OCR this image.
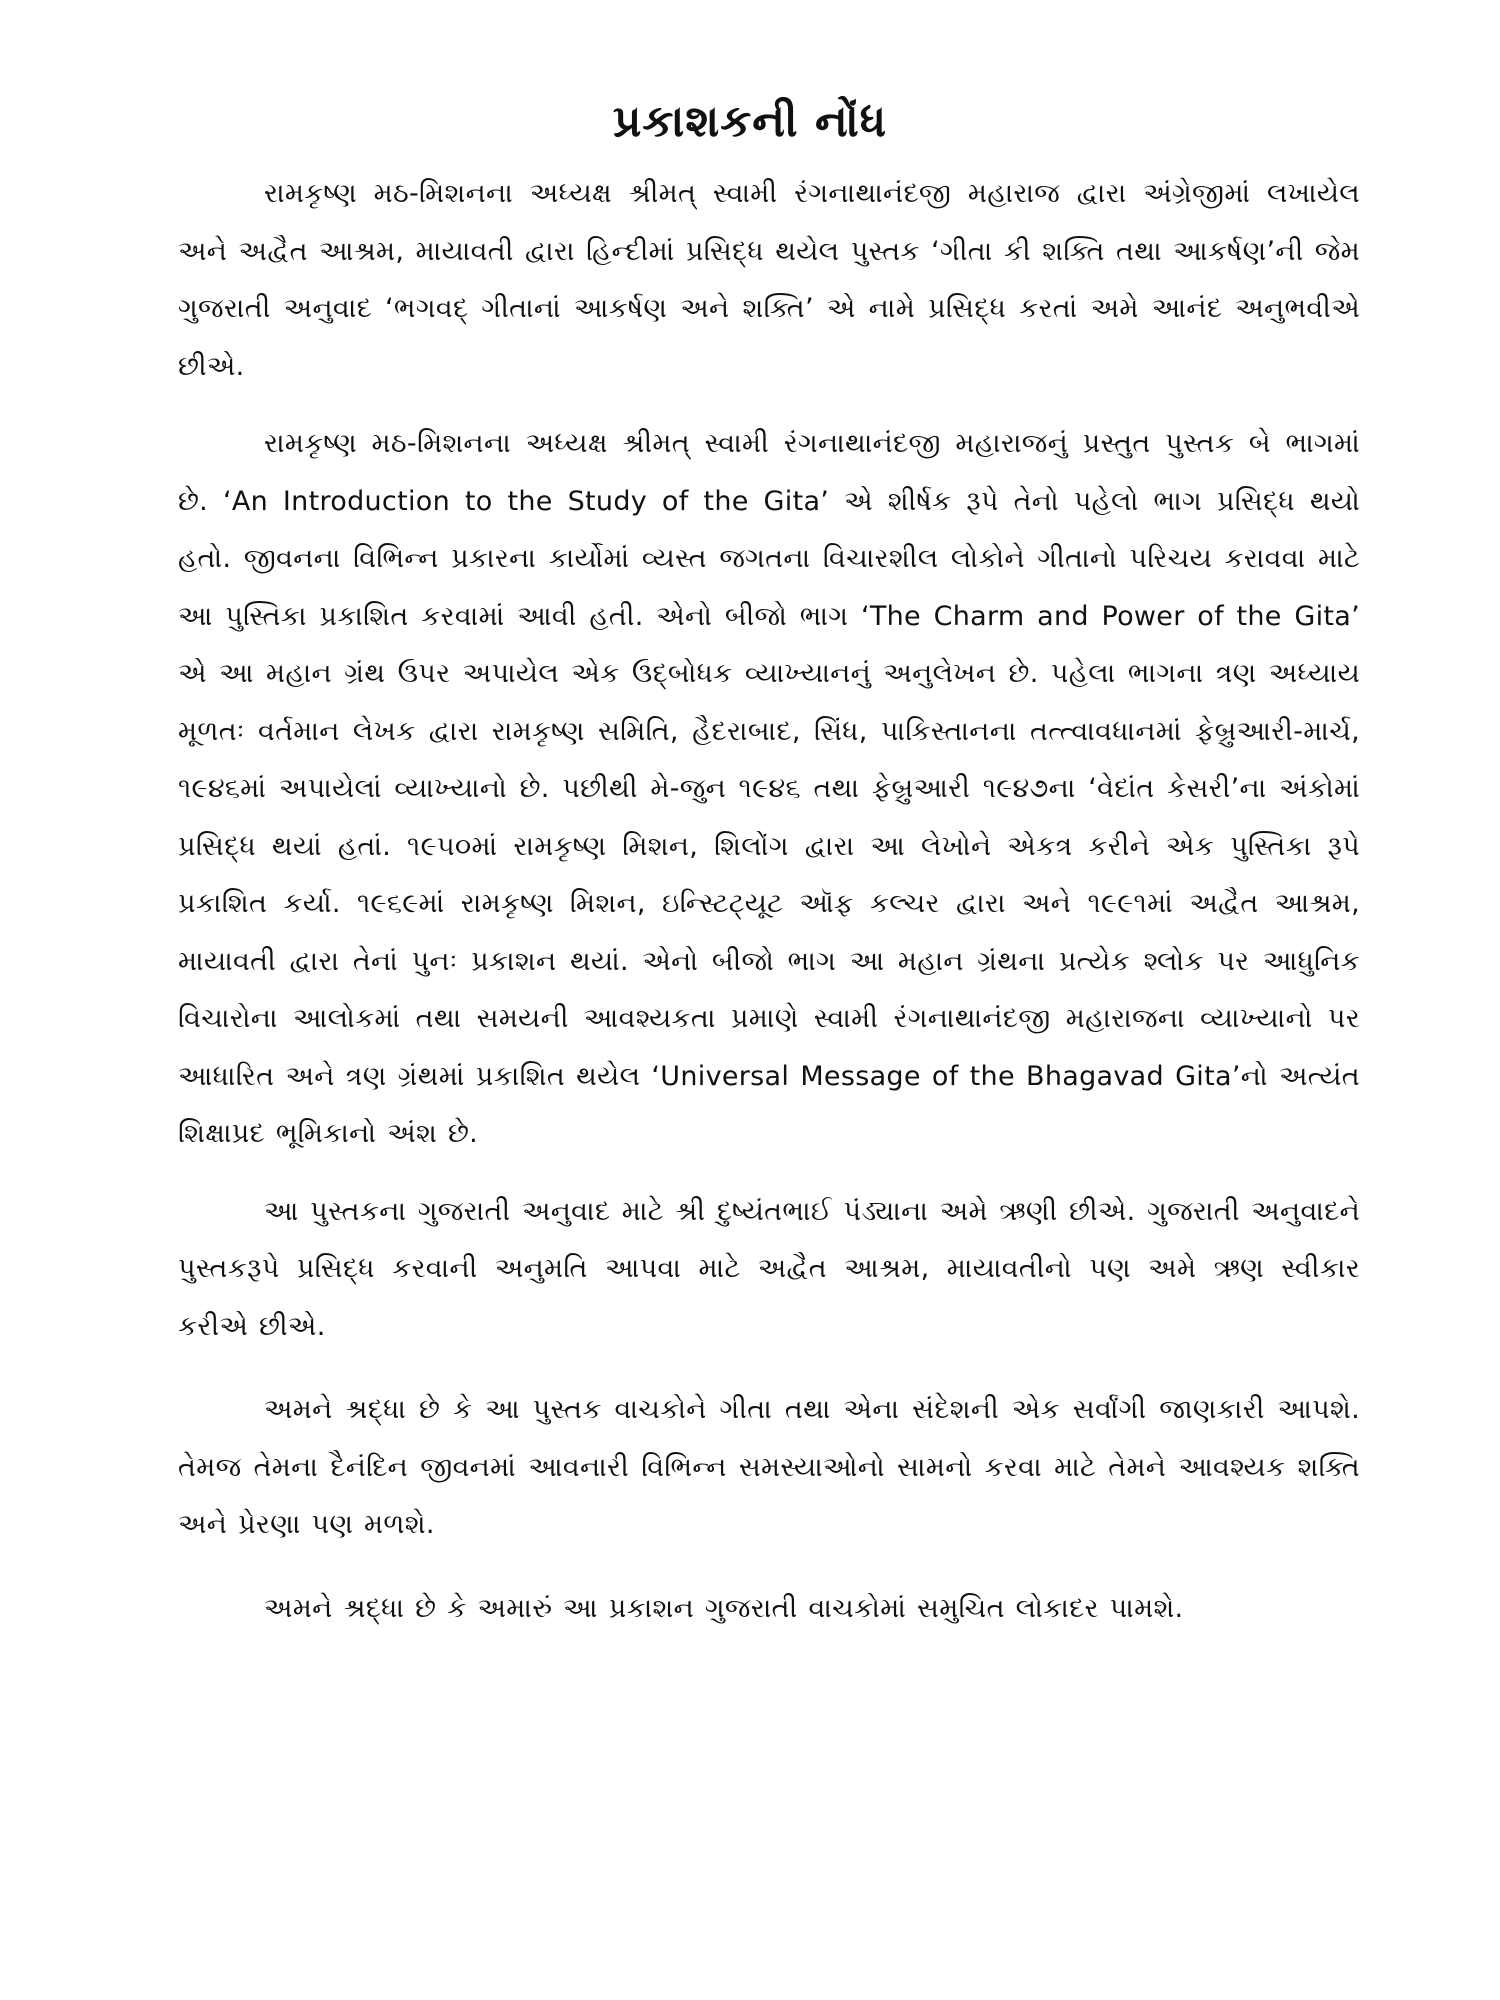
પ્રકાશકની નોંધ

રામકૃષ્ણ મઠ-મિશનના અધ્યક્ષ શ્રીમત્ સ્વામી રંગનાથાનંદજી મહારાજ દ્વારા અંગ્રેજીમાં લખાયેલ અને અદ્વૈત આશ્રમ, માયાવતી દ્વારા હિન્દીમાં પ્રસિદ્ધ થયેલ પુસ્તક ‘ગીતા કી શક્તિ તથા આકર્ષણ’ની જેમ ગુજરાતી અનુવાદ ‘ભગવદ્ ગીતાનાં આકર્ષણ અને શક્તિ’ એ નામે પ્રસિદ્ધ કરતાં અમે આનંદ અનુભવીએ છીએ.

રામકૃષ્ણ મઠ-મિશનના અધ્યક્ષ શ્રીમત્ સ્વામી રંગનાથાનંદજી મહારાજનું પ્રસ્તુત પુસ્તક બે ભાગમાં છે. ‘An Introduction to the Study of the Gita’ એ શીર્ષક રૂપે તેનો પહેલો ભાગ પ્રસિદ્ધ થયો હતો. જીવનના વિભિન્ન પ્રકારના કાર્યોમાં વ્યસ્ત જગતના વિચારશીલ લોકોને ગીતાનો પરિચય કરાવવા માટે આ પુસ્તિકા પ્રકાશિત કરવામાં આવી હતી. એનો બીજો ભાગ ‘The Charm and Power of the Gita’ એ આ મહાન ગ્રંથ ઉપર અપાયેલ એક ઉદ્‌બોધક વ્યાખ્યાનનું અનુલેખન છે. પહેલા ભાગના ત્રણ અધ્યાય મૂળતઃ વર્તમાન લેખક દ્વારા રામકૃષ્ણ સમિતિ, હૈદરાબાદ, સિંધ, પાકિસ્તાનના તત્ત્વાવધાનમાં ફેબ્રુઆરી-માર્ચ, ૧૯૪૬માં અપાયેલાં વ્યાખ્યાનો છે. પછીથી મે-જુન ૧૯૪૬ તથા ફેબ્રુઆરી ૧૯૪૭ના ‘વેદાંત કેસરી’ના અંકોમાં પ્રસિદ્ધ થયાં હતાં. ૧૯૫૦માં રામકૃષ્ણ મિશન, શિલોંગ દ્વારા આ લેખોને એકત્ર કરીને એક પુસ્તિકા રૂપે પ્રકાશિત કર્યા. ૧૯૬૯માં રામકૃષ્ણ મિશન, ઇન્સ્ટિટ્યૂટ ઑફ કલ્ચર દ્વારા અને ૧૯૯૧માં અદ્વૈત આશ્રમ, માયાવતી દ્વારા તેનાં પુનઃ પ્રકાશન થયાં. એનો બીજો ભાગ આ મહાન ગ્રંથના પ્રત્યેક શ્લોક પર આધુનિક વિચારોના આલોકમાં તથા સમયની આવશ્યકતા પ્રમાણે સ્વામી રંગનાથાનંદજી મહારાજના વ્યાખ્યાનો પર આધારિત અને ત્રણ ગ્રંથમાં પ્રકાશિત થયેલ ‘Universal Message of the Bhagavad Gita’નો અત્યંત શિક્ષાપ્રદ ભૂમિકાનો અંશ છે.

આ પુસ્તકના ગુજરાતી અનુવાદ માટે શ્રી દુષ્યંતભાઈ પંડ્યાના અમે ઋણી છીએ. ગુજરાતી અનુવાદને પુસ્તકરૂપે પ્રસિદ્ધ કરવાની અનુમતિ આપવા માટે અદ્વૈત આશ્રમ, માયાવતીનો પણ અમે ઋણ સ્વીકાર કરીએ છીએ.

અમને શ્રદ્ધા છે કે આ પુસ્તક વાચકોને ગીતા તથા એના સંદેશની એક સર્વાંગી જાણકારી આપશે. તેમજ તેમના દૈનંદિન જીવનમાં આવનારી વિભિન્ન સમસ્યાઓનો સામનો કરવા માટે તેમને આવશ્યક શક્તિ અને પ્રેરણા પણ મળશે.

અમને શ્રદ્ધા છે કે અમારું આ પ્રકાશન ગુજરાતી વાચકોમાં સમુચિત લોકાદર પામશે.
